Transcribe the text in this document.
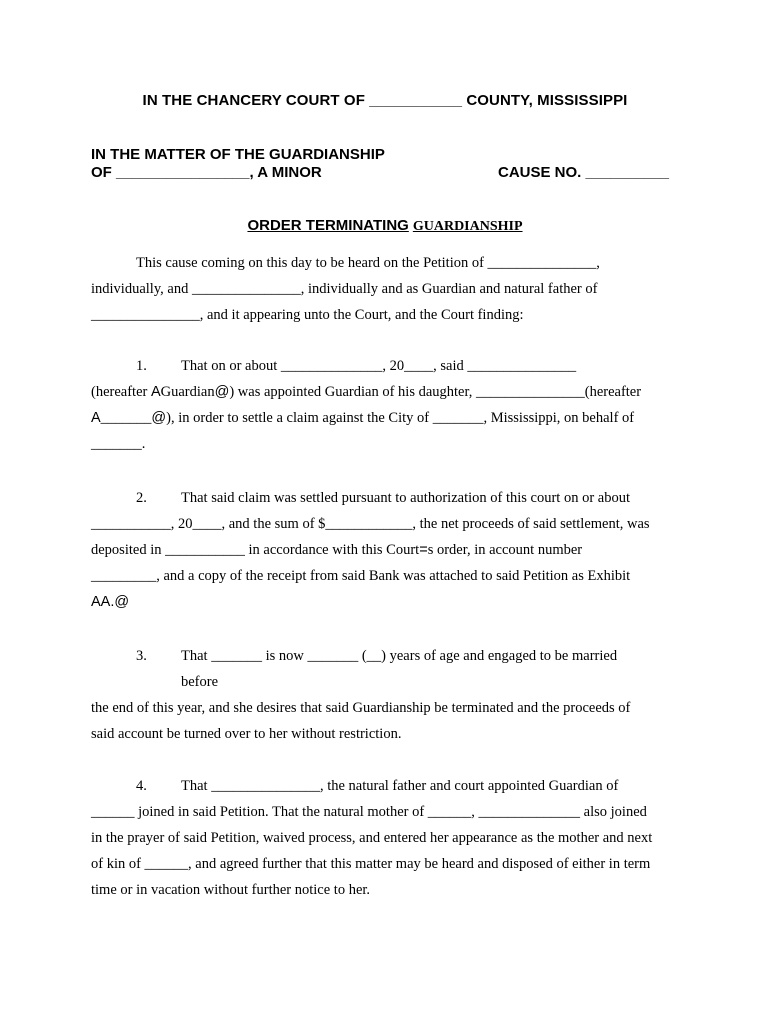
IN THE CHANCERY COURT OF ___________ COUNTY, MISSISSIPPI
IN THE MATTER OF THE GUARDIANSHIP
OF ________________, A MINOR	CAUSE NO. __________
ORDER TERMINATING GUARDIANSHIP
This cause coming on this day to be heard on the Petition of _______________,
individually, and _______________, individually and as Guardian and natural father of
_______________, and it appearing unto the Court, and the Court finding:
1. That on or about ______________, 20____, said _______________
(hereafter AGuardian@) was appointed Guardian of his daughter, _______________(hereafter
A_______@), in order to settle a claim against the City of _______, Mississippi, on behalf of
_______.
2. That said claim was settled pursuant to authorization of this court on or about
___________, 20____, and the sum of $____________, the net proceeds of said settlement, was
deposited in ___________ in accordance with this Court=s order, in account number
_________, and a copy of the receipt from said Bank was attached to said Petition as Exhibit
AA.@
3. That _______ is now _______ (__) years of age and engaged to be married
before
the end of this year, and she desires that said Guardianship be terminated and the proceeds of
said account be turned over to her without restriction.
4. That _______________, the natural father and court appointed Guardian of
______ joined in said Petition. That the natural mother of ______, ______________ also joined
in the prayer of said Petition, waived process, and entered her appearance as the mother and next
of kin of ______, and agreed further that this matter may be heard and disposed of either in term
time or in vacation without further notice to her.
